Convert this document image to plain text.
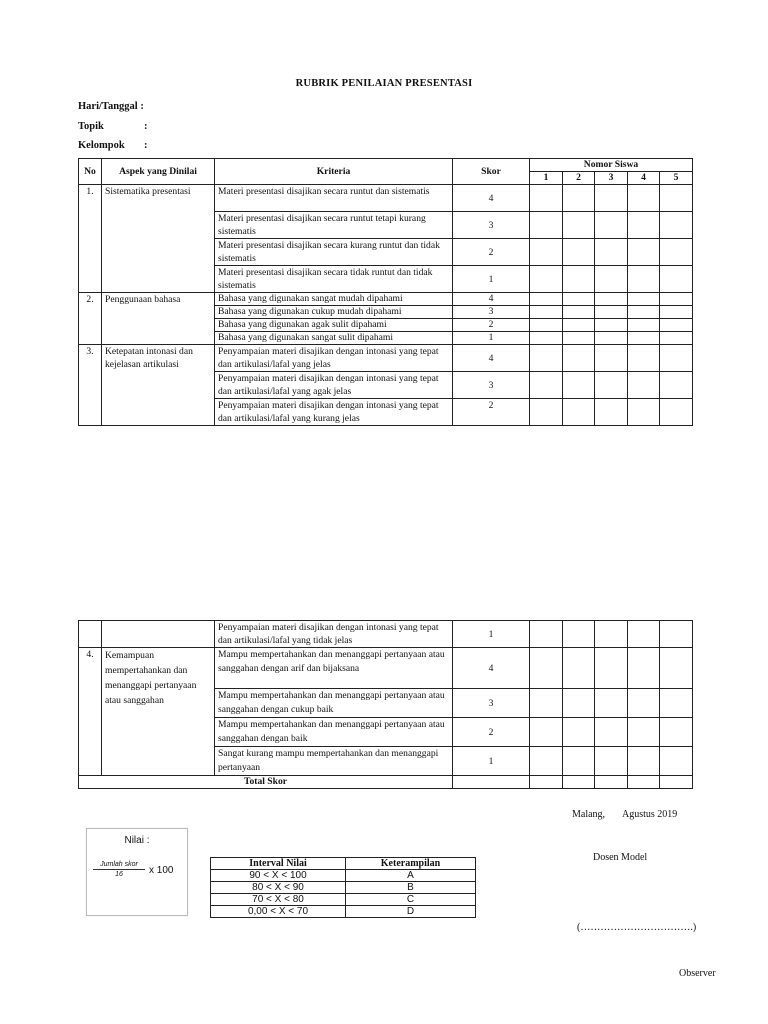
RUBRIK PENILAIAN PRESENTASI
Hari/Tanggal :
Topik	:
Kelompok :
No	Aspek yang Dinilai	Kriteria	Skor	Nomor Siswa				
				1	2	3	4	5
1.	Sistematika presentasi	Materi presentasi disajikan secara runtut dan sistematis	4					
		Materi presentasi disajikan secara runtut tetapi kurang sistematis	3					
		Materi presentasi disajikan secara kurang runtut dan tidak sistematis	2					
		Materi presentasi disajikan secara tidak runtut dan tidak sistematis	1					
2.	Penggunaan bahasa	Bahasa yang digunakan sangat mudah dipahami	4					
		Bahasa yang digunakan cukup mudah dipahami	3					
		Bahasa yang digunakan agak sulit dipahami	2					
		Bahasa yang digunakan sangat sulit dipahami	1					
3.	Ketepatan intonasi dan kejelasan artikulasi	Penyampaian materi disajikan dengan intonasi yang tepat dan artikulasi/lafal yang jelas	4					
		Penyampaian materi disajikan dengan intonasi yang tepat dan artikulasi/lafal yang agak jelas	3					
		Penyampaian materi disajikan dengan intonasi yang tepat dan artikulasi/lafal yang kurang jelas	2					
		Penyampaian materi disajikan dengan intonasi yang tepat dan artikulasi/lafal yang tidak jelas	1					
4.	Kemampuan mempertahankan dan menanggapi pertanyaan atau sanggahan	Mampu mempertahankan dan menanggapi pertanyaan atau sanggahan dengan arif dan bijaksana	4					
		Mampu mempertahankan dan menanggapi pertanyaan atau sanggahan dengan cukup baik	3					
		Mampu mempertahankan dan menanggapi pertanyaan atau sanggahan dengan baik	2					
		Sangat kurang mampu mempertahankan dan menanggapi pertanyaan	1					
Total Skor								
Malang,       Agustus 2019
Dosen Model
(…………………………….)
Observer
Nilai :
Jumlah skor
16	x 100
Interval Nilai	Keterampilan
90 < X < 100	A
80 < X < 90	B
70 < X < 80	C
0,00 < X < 70	D
